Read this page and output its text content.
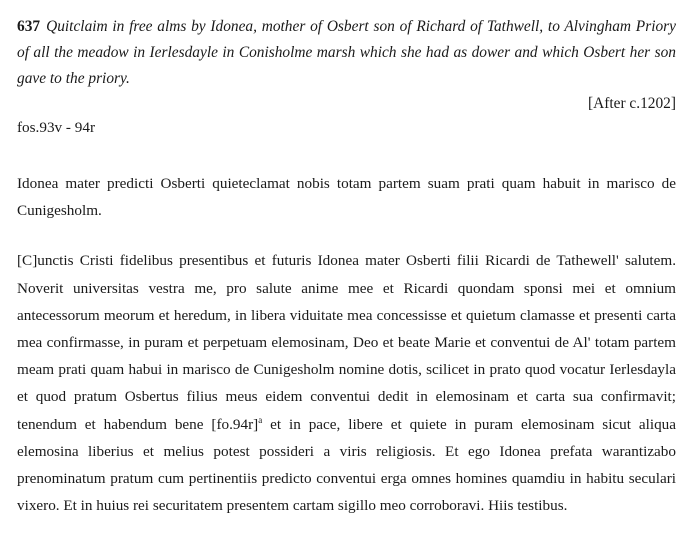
637 Quitclaim in free alms by Idonea, mother of Osbert son of Richard of Tathwell, to Alvingham Priory of all the meadow in Ierlesdayle in Conisholme marsh which she had as dower and which Osbert her son gave to the priory.

[After c.1202]

fos.93v - 94r

Idonea mater predicti Osberti quieteclamat nobis totam partem suam prati quam habuit in marisco de Cunigesholm.

[C]unctis Cristi fidelibus presentibus et futuris Idonea mater Osberti filii Ricardi de Tathewell' salutem. Noverit universitas vestra me, pro salute anime mee et Ricardi quondam sponsi mei et omnium antecessorum meorum et heredum, in libera viduitate mea concessisse et quietum clamasse et presenti carta mea confirmasse, in puram et perpetuam elemosinam, Deo et beate Marie et conventui de Al' totam partem meam prati quam habui in marisco de Cunigesholm nomine dotis, scilicet in prato quod vocatur Ierlesdayla et quod pratum Osbertus filius meus eidem conventui dedit in elemosinam et carta sua confirmavit; tenendum et habendum bene $[fo.94r]^a$ et in pace, libere et quiete in puram elemosinam sicut aliqua elemosina liberius et melius potest possideri a viris religiosis. Et ego Idonea prefata warantizabo prenominatum pratum cum pertinentiis predicto conventui erga omnes homines quamdiu in habitu seculari vixero. Et in huius rei securitatem presentem cartam sigillo meo corroboravi. Hiis testibus.
